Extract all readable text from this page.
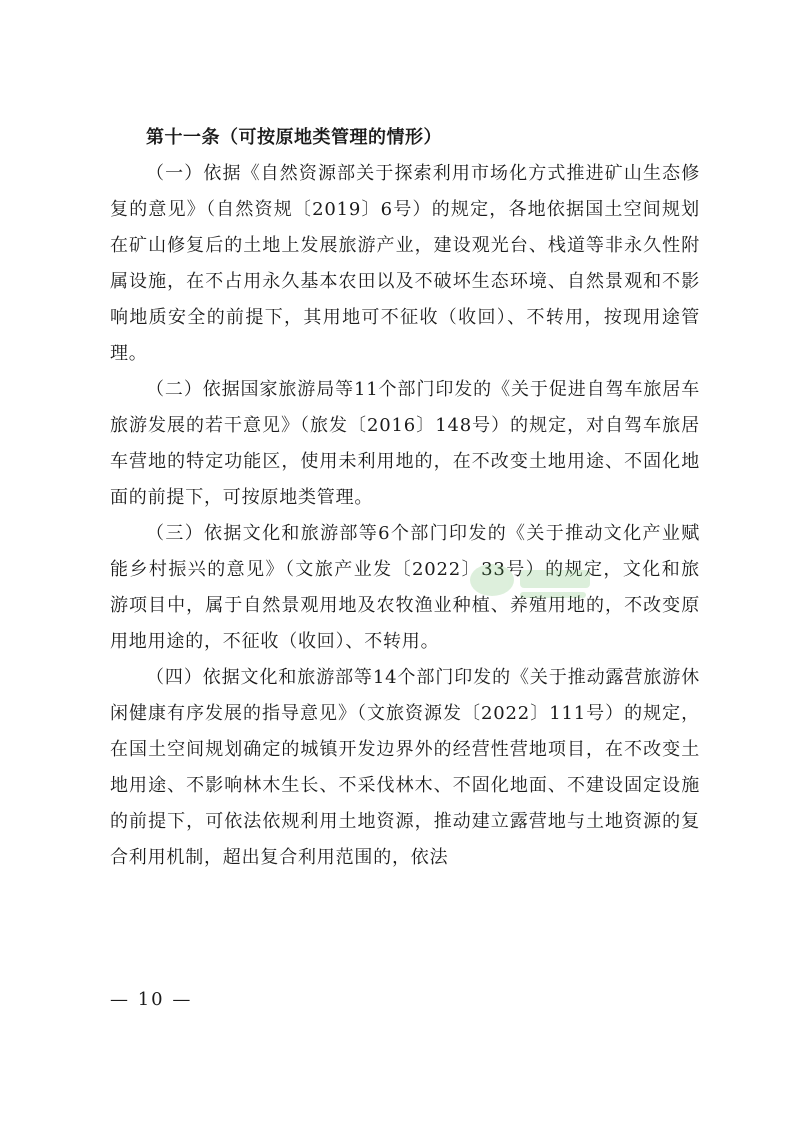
第十一条（可按原地类管理的情形）

（一）依据《自然资源部关于探索利用市场化方式推进矿山生态修复的意见》（自然资规〔2019〕6号）的规定，各地依据国土空间规划在矿山修复后的土地上发展旅游产业，建设观光台、栈道等非永久性附属设施，在不占用永久基本农田以及不破坏生态环境、自然景观和不影响地质安全的前提下，其用地可不征收（收回）、不转用，按现用途管理。

（二）依据国家旅游局等11个部门印发的《关于促进自驾车旅居车旅游发展的若干意见》（旅发〔2016〕148号）的规定，对自驾车旅居车营地的特定功能区，使用未利用地的，在不改变土地用途、不固化地面的前提下，可按原地类管理。

（三）依据文化和旅游部等6个部门印发的《关于推动文化产业赋能乡村振兴的意见》（文旅产业发〔2022〕33号）的规定，文化和旅游项目中，属于自然景观用地及农牧渔业种植、养殖用地的，不改变原用地用途的，不征收（收回）、不转用。

（四）依据文化和旅游部等14个部门印发的《关于推动露营旅游休闲健康有序发展的指导意见》（文旅资源发〔2022〕111号）的规定，在国土空间规划确定的城镇开发边界外的经营性营地项目，在不改变土地用途、不影响林木生长、不采伐林木、不固化地面、不建设固定设施的前提下，可依法依规利用土地资源，推动建立露营地与土地资源的复合利用机制，超出复合利用范围的，依法

— 10 —
